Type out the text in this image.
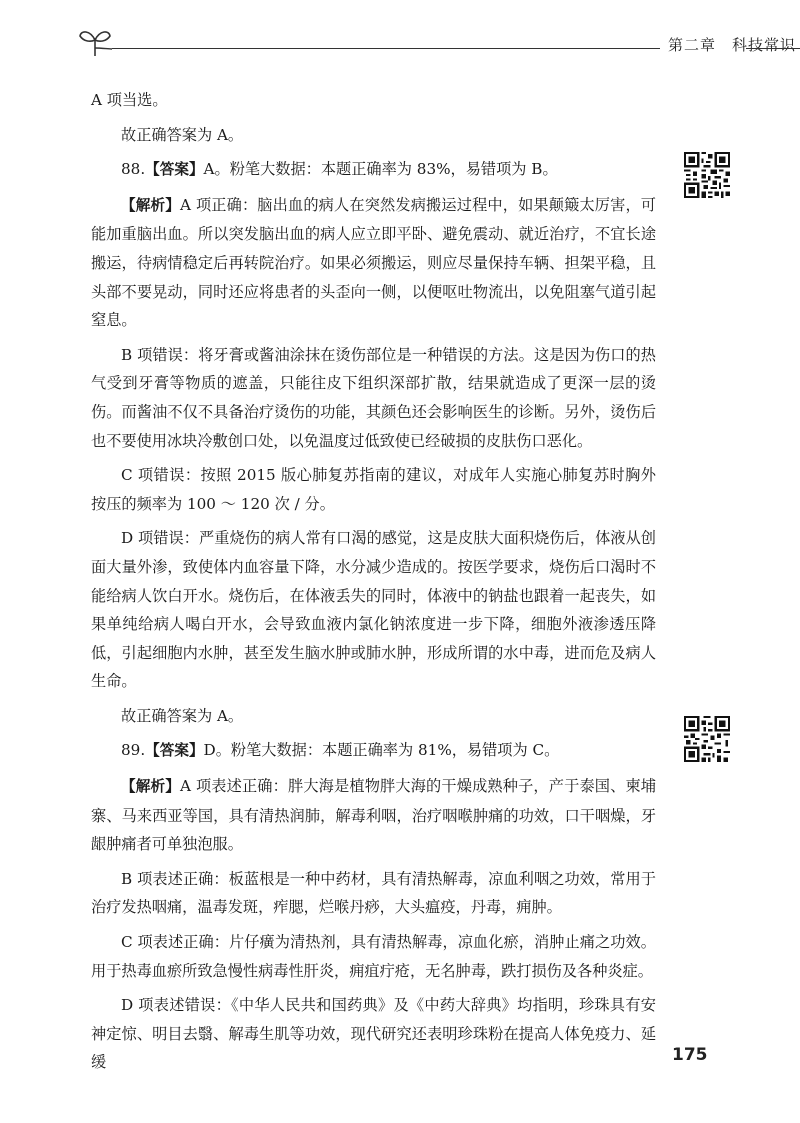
第二章　科技常识

A 项当选。

故正确答案为 A。

88.【答案】A。粉笔大数据：本题正确率为 83%，易错项为 B。

【解析】A 项正确：脑出血的病人在突然发病搬运过程中，如果颠簸太厉害，可能加重脑出血。所以突发脑出血的病人应立即平卧、避免震动、就近治疗，不宜长途搬运，待病情稳定后再转院治疗。如果必须搬运，则应尽量保持车辆、担架平稳，且头部不要晃动，同时还应将患者的头歪向一侧，以便呕吐物流出，以免阻塞气道引起窒息。

B 项错误：将牙膏或酱油涂抹在烫伤部位是一种错误的方法。这是因为伤口的热气受到牙膏等物质的遮盖，只能往皮下组织深部扩散，结果就造成了更深一层的烫伤。而酱油不仅不具备治疗烫伤的功能，其颜色还会影响医生的诊断。另外，烫伤后也不要使用冰块冷敷创口处，以免温度过低致使已经破损的皮肤伤口恶化。

C 项错误：按照 2015 版心肺复苏指南的建议，对成年人实施心肺复苏时胸外按压的频率为 100 ～ 120 次 / 分。

D 项错误：严重烧伤的病人常有口渴的感觉，这是皮肤大面积烧伤后，体液从创面大量外渗，致使体内血容量下降，水分减少造成的。按医学要求，烧伤后口渴时不能给病人饮白开水。烧伤后，在体液丢失的同时，体液中的钠盐也跟着一起丧失，如果单纯给病人喝白开水，会导致血液内氯化钠浓度进一步下降，细胞外液渗透压降低，引起细胞内水肿，甚至发生脑水肿或肺水肿，形成所谓的水中毒，进而危及病人生命。

故正确答案为 A。

89.【答案】D。粉笔大数据：本题正确率为 81%，易错项为 C。

【解析】A 项表述正确：胖大海是植物胖大海的干燥成熟种子，产于泰国、柬埔寨、马来西亚等国，具有清热润肺，解毒利咽，治疗咽喉肿痛的功效，口干咽燥，牙龈肿痛者可单独泡服。

B 项表述正确：板蓝根是一种中药材，具有清热解毒，凉血利咽之功效，常用于治疗发热咽痛，温毒发斑，痄腮，烂喉丹痧，大头瘟疫，丹毒，痈肿。

C 项表述正确：片仔癀为清热剂，具有清热解毒，凉血化瘀，消肿止痛之功效。用于热毒血瘀所致急慢性病毒性肝炎，痈疽疔疮，无名肿毒，跌打损伤及各种炎症。

D 项表述错误：《中华人民共和国药典》及《中药大辞典》均指明，珍珠具有安神定惊、明目去翳、解毒生肌等功效，现代研究还表明珍珠粉在提高人体免疫力、延缓	175
